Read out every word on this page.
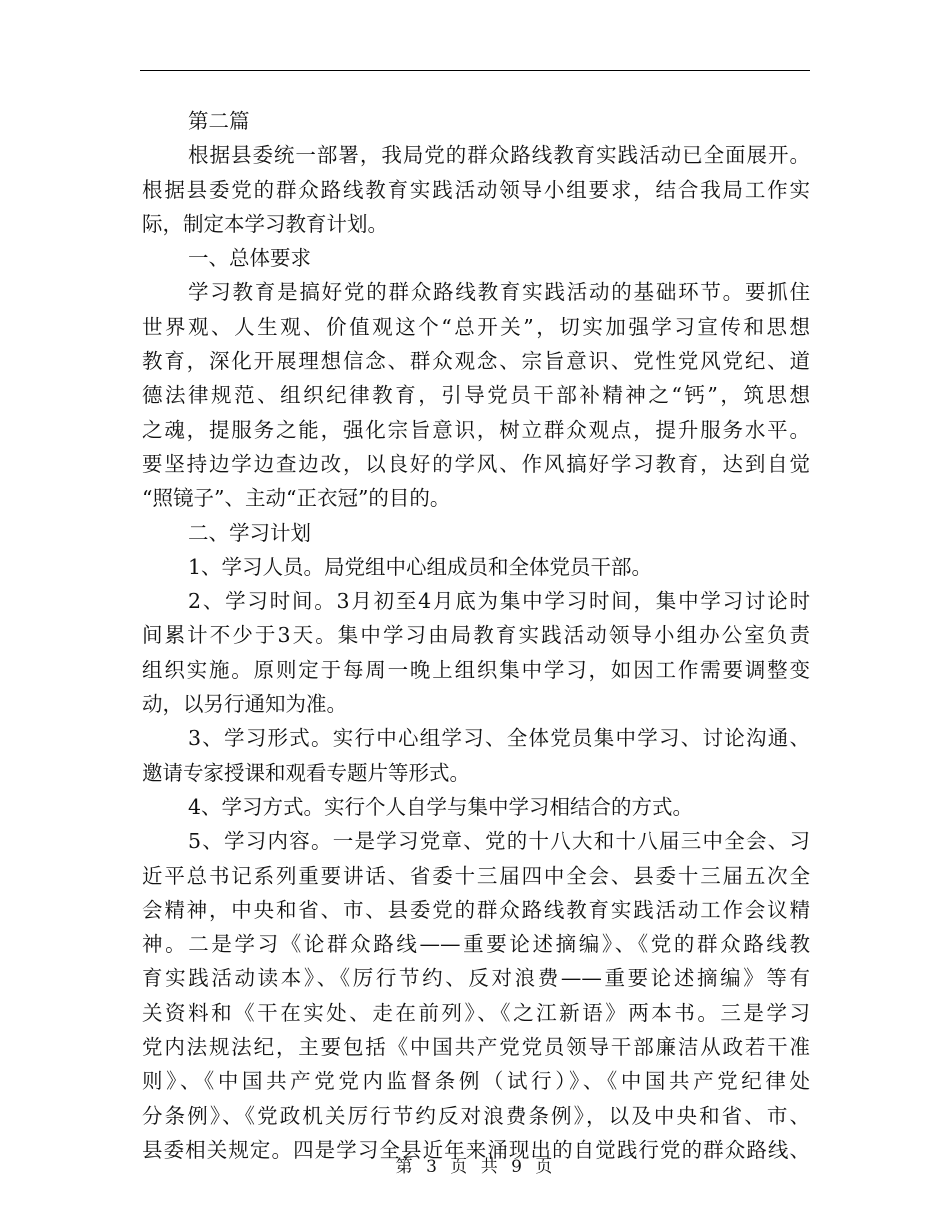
第二篇
根据县委统一部署，我局党的群众路线教育实践活动已全面展开。
根据县委党的群众路线教育实践活动领导小组要求，结合我局工作实
际，制定本学习教育计划。
一、总体要求
学习教育是搞好党的群众路线教育实践活动的基础环节。要抓住
世界观、人生观、价值观这个“总开关”，切实加强学习宣传和思想
教育，深化开展理想信念、群众观念、宗旨意识、党性党风党纪、道
德法律规范、组织纪律教育，引导党员干部补精神之“钙”，筑思想
之魂，提服务之能，强化宗旨意识，树立群众观点，提升服务水平。
要坚持边学边查边改，以良好的学风、作风搞好学习教育，达到自觉
“照镜子”、主动“正衣冠”的目的。
二、学习计划
1、学习人员。局党组中心组成员和全体党员干部。
2、学习时间。3月初至4月底为集中学习时间，集中学习讨论时
间累计不少于3天。集中学习由局教育实践活动领导小组办公室负责
组织实施。原则定于每周一晚上组织集中学习，如因工作需要调整变
动，以另行通知为准。
3、学习形式。实行中心组学习、全体党员集中学习、讨论沟通、
邀请专家授课和观看专题片等形式。
4、学习方式。实行个人自学与集中学习相结合的方式。
5、学习内容。一是学习党章、党的十八大和十八届三中全会、习
近平总书记系列重要讲话、省委十三届四中全会、县委十三届五次全
会精神，中央和省、市、县委党的群众路线教育实践活动工作会议精
神。二是学习《论群众路线——重要论述摘编》、《党的群众路线教
育实践活动读本》、《厉行节约、反对浪费——重要论述摘编》等有
关资料和《干在实处、走在前列》、《之江新语》两本书。三是学习
党内法规法纪，主要包括《中国共产党党员领导干部廉洁从政若干准
则》、《中国共产党党内监督条例（试行）》、《中国共产党纪律处
分条例》、《党政机关厉行节约反对浪费条例》，以及中央和省、市、
县委相关规定。四是学习全县近年来涌现出的自觉践行党的群众路线、
第 3 页 共 9 页
